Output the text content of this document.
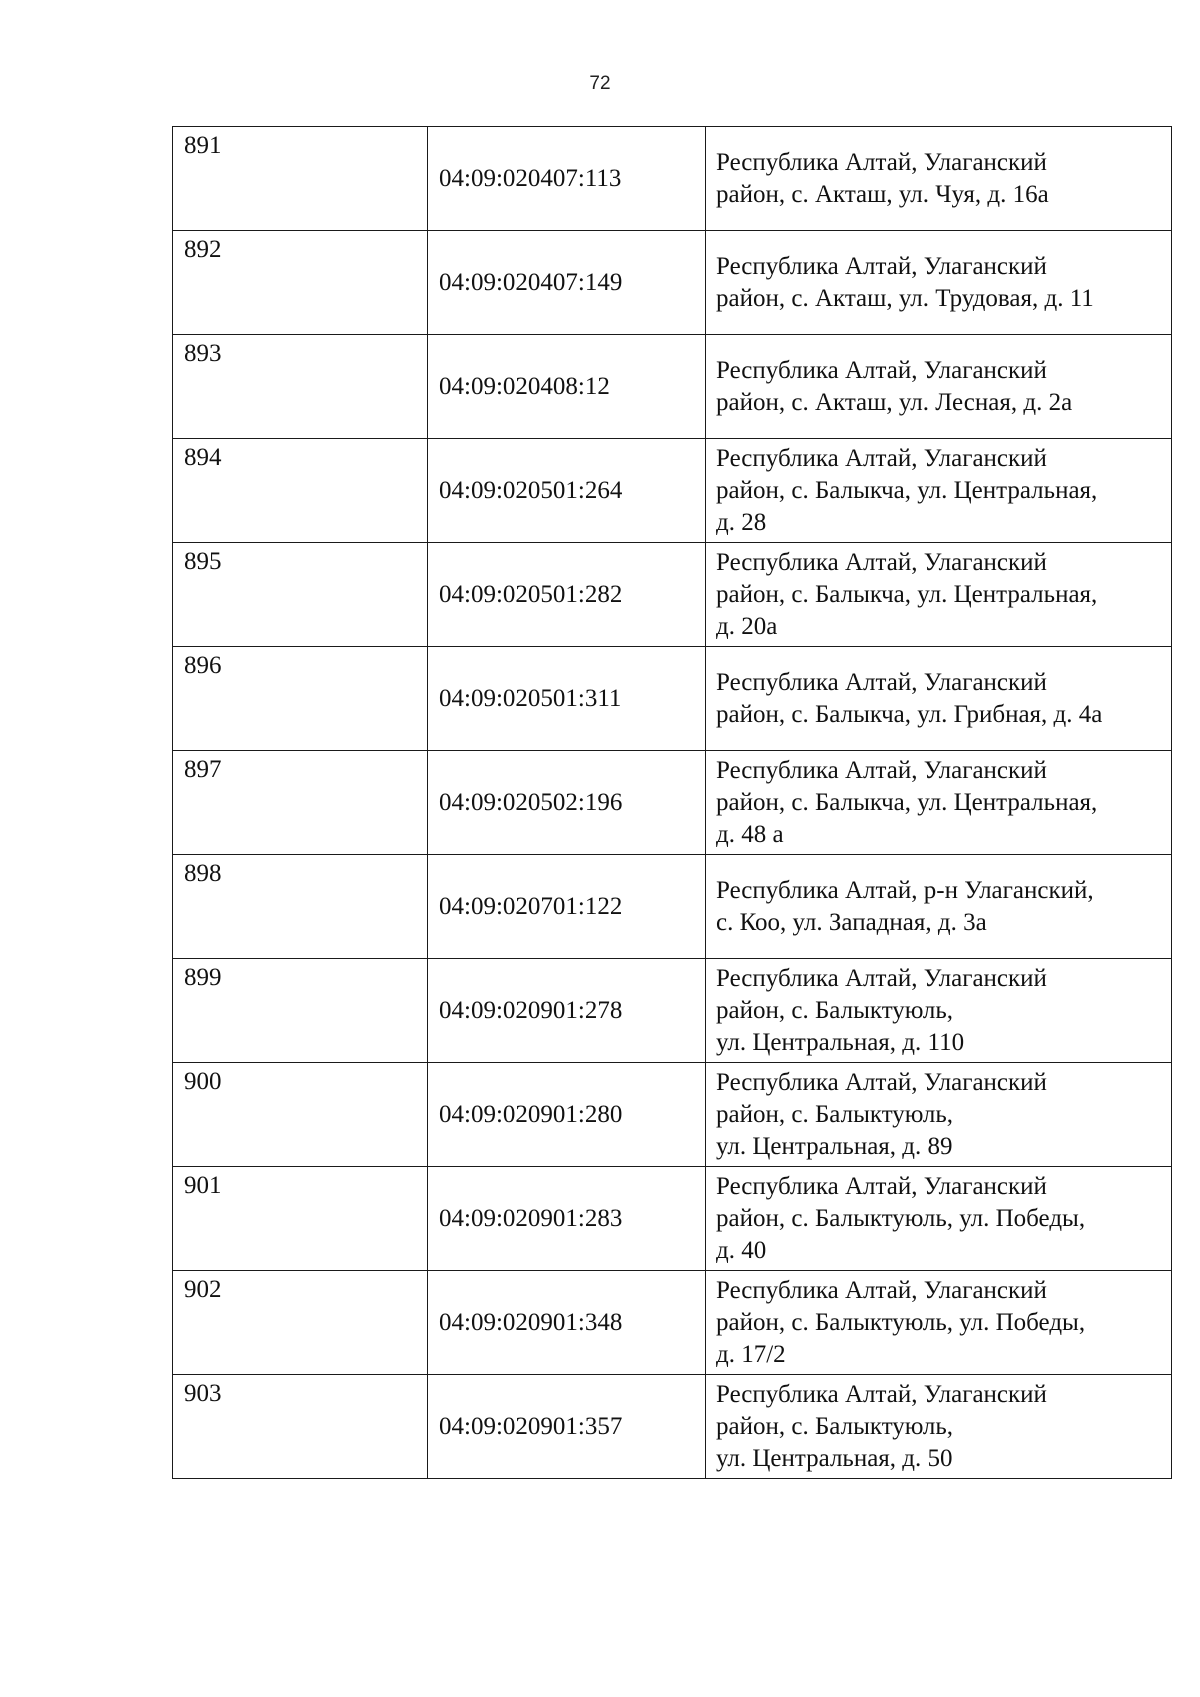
72
891	04:09:020407:113	Республика Алтай, Улаганский
район, с. Акташ, ул. Чуя, д. 16а

892	04:09:020407:149	Республика Алтай, Улаганский
район, с. Акташ, ул. Трудовая, д. 11

893	04:09:020408:12	Республика Алтай, Улаганский
район, с. Акташ, ул. Лесная, д. 2а

894	04:09:020501:264	Республика Алтай, Улаганский
район, с. Балыкча, ул. Центральная,
д. 28

895	04:09:020501:282	Республика Алтай, Улаганский
район, с. Балыкча, ул. Центральная,
д. 20а

896	04:09:020501:311	Республика Алтай, Улаганский
район, с. Балыкча, ул. Грибная, д. 4а

897	04:09:020502:196	Республика Алтай, Улаганский
район, с. Балыкча, ул. Центральная,
д. 48 а

898	04:09:020701:122	Республика Алтай, р-н Улаганский,
с. Коо, ул. Западная, д. 3а

899	04:09:020901:278	Республика Алтай, Улаганский
район, с. Балыктуюль,
ул. Центральная, д. 110

900	04:09:020901:280	Республика Алтай, Улаганский
район, с. Балыктуюль,
ул. Центральная, д. 89

901	04:09:020901:283	Республика Алтай, Улаганский
район, с. Балыктуюль, ул. Победы,
д. 40

902	04:09:020901:348	Республика Алтай, Улаганский
район, с. Балыктуюль, ул. Победы,
д. 17/2

903	04:09:020901:357	Республика Алтай, Улаганский
район, с. Балыктуюль,
ул. Центральная, д. 50
